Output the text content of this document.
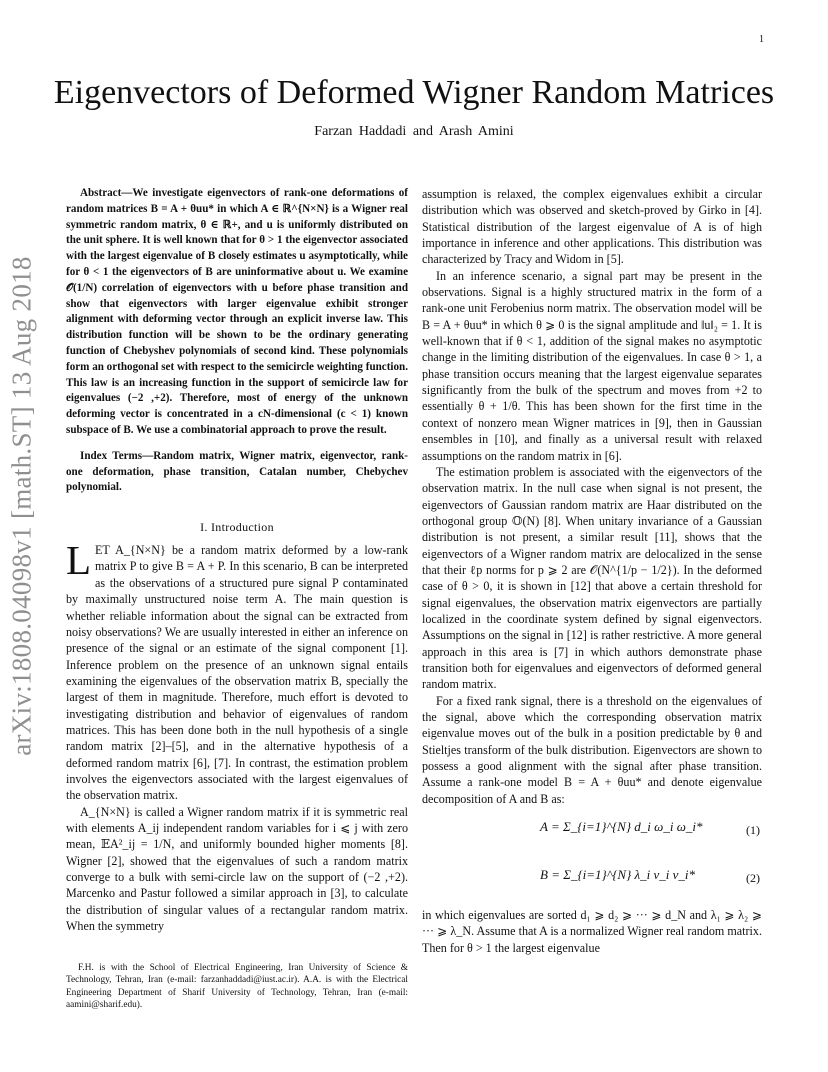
1
arXiv:1808.04098v1 [math.ST] 13 Aug 2018
Eigenvectors of Deformed Wigner Random Matrices
Farzan Haddadi and Arash Amini

Abstract—We investigate eigenvectors of rank-one deformations of random matrices B = A + θuu* in which A ∈ ℝ^{N×N} is a Wigner real symmetric random matrix, θ ∈ ℝ+, and u is uniformly distributed on the unit sphere. It is well known that for θ > 1 the eigenvector associated with the largest eigenvalue of B closely estimates u asymptotically, while for θ < 1 the eigenvectors of B are uninformative about u. We examine 𝒪(1/N) correlation of eigenvectors with u before phase transition and show that eigenvectors with larger eigenvalue exhibit stronger alignment with deforming vector through an explicit inverse law. This distribution function will be shown to be the ordinary generating function of Chebyshev polynomials of second kind. These polynomials form an orthogonal set with respect to the semicircle weighting function. This law is an increasing function in the support of semicircle law for eigenvalues (−2 ,+2). Therefore, most of energy of the unknown deforming vector is concentrated in a cN-dimensional (c < 1) known subspace of B. We use a combinatorial approach to prove the result.

Index Terms—Random matrix, Wigner matrix, eigenvector, rank-one deformation, phase transition, Catalan number, Chebychev polynomial.

I. Introduction

LET A_{N×N} be a random matrix deformed by a low-rank matrix P to give B = A + P. In this scenario, B can be interpreted as the observations of a structured pure signal P contaminated by maximally unstructured noise term A. The main question is whether reliable information about the signal can be extracted from noisy observations? We are usually interested in either an inference on presence of the signal or an estimate of the signal component [1]. Inference problem on the presence of an unknown signal entails examining the eigenvalues of the observation matrix B, specially the largest of them in magnitude. Therefore, much effort is devoted to investigating distribution and behavior of eigenvalues of random matrices. This has been done both in the null hypothesis of a single random matrix [2]–[5], and in the alternative hypothesis of a deformed random matrix [6], [7]. In contrast, the estimation problem involves the eigenvectors associated with the largest eigenvalues of the observation matrix.

A_{N×N} is called a Wigner random matrix if it is symmetric real with elements A_ij independent random variables for i ⩽ j with zero mean, 𝔼A²_ij = 1/N, and uniformly bounded higher moments [8]. Wigner [2], showed that the eigenvalues of such a random matrix converge to a bulk with semi-circle law on the support of (−2 ,+2). Marcenko and Pastur followed a similar approach in [3], to calculate the distribution of singular values of a rectangular random matrix. When the symmetry

F.H. is with the School of Electrical Engineering, Iran University of Science & Technology, Tehran, Iran (e-mail: farzanhaddadi@iust.ac.ir). A.A. is with the Electrical Engineering Department of Sharif University of Technology, Tehran, Iran (e-mail: aamini@sharif.edu).

assumption is relaxed, the complex eigenvalues exhibit a circular distribution which was observed and sketch-proved by Girko in [4]. Statistical distribution of the largest eigenvalue of A is of high importance in inference and other applications. This distribution was characterized by Tracy and Widom in [5].

In an inference scenario, a signal part may be present in the observations. Signal is a highly structured matrix in the form of a rank-one unit Ferobenius norm matrix. The observation model will be B = A + θuu* in which θ ⩾ 0 is the signal amplitude and ‖u‖₂ = 1. It is well-known that if θ < 1, addition of the signal makes no asymptotic change in the limiting distribution of the eigenvalues. In case θ > 1, a phase transition occurs meaning that the largest eigenvalue separates significantly from the bulk of the spectrum and moves from +2 to essentially θ + 1/θ. This has been shown for the first time in the context of nonzero mean Wigner matrices in [9], then in Gaussian ensembles in [10], and finally as a universal result with relaxed assumptions on the random matrix in [6].

The estimation problem is associated with the eigenvectors of the observation matrix. In the null case when signal is not present, the eigenvectors of Gaussian random matrix are Haar distributed on the orthogonal group 𝕆(N) [8]. When unitary invariance of a Gaussian distribution is not present, a similar result [11], shows that the eigenvectors of a Wigner random matrix are delocalized in the sense that their ℓp norms for p ⩾ 2 are 𝒪(N^{1/p − 1/2}). In the deformed case of θ > 0, it is shown in [12] that above a certain threshold for signal eigenvalues, the observation matrix eigenvectors are partially localized in the coordinate system defined by signal eigenvectors. Assumptions on the signal in [12] is rather restrictive. A more general approach in this area is [7] in which authors demonstrate phase transition both for eigenvalues and eigenvectors of deformed general random matrix.

For a fixed rank signal, there is a threshold on the eigenvalues of the signal, above which the corresponding observation matrix eigenvalue moves out of the bulk in a position predictable by θ and Stieltjes transform of the bulk distribution. Eigenvectors are shown to possess a good alignment with the signal after phase transition. Assume a rank-one model B = A + θuu* and denote eigenvalue decomposition of A and B as:

A = Σ_{i=1}^{N} d_i ω_i ω_i*	(1)
B = Σ_{i=1}^{N} λ_i v_i v_i*	(2)

in which eigenvalues are sorted d₁ ⩾ d₂ ⩾ ··· ⩾ d_N and λ₁ ⩾ λ₂ ⩾ ··· ⩾ λ_N. Assume that A is a normalized Wigner real random matrix. Then for θ > 1 the largest eigenvalue
